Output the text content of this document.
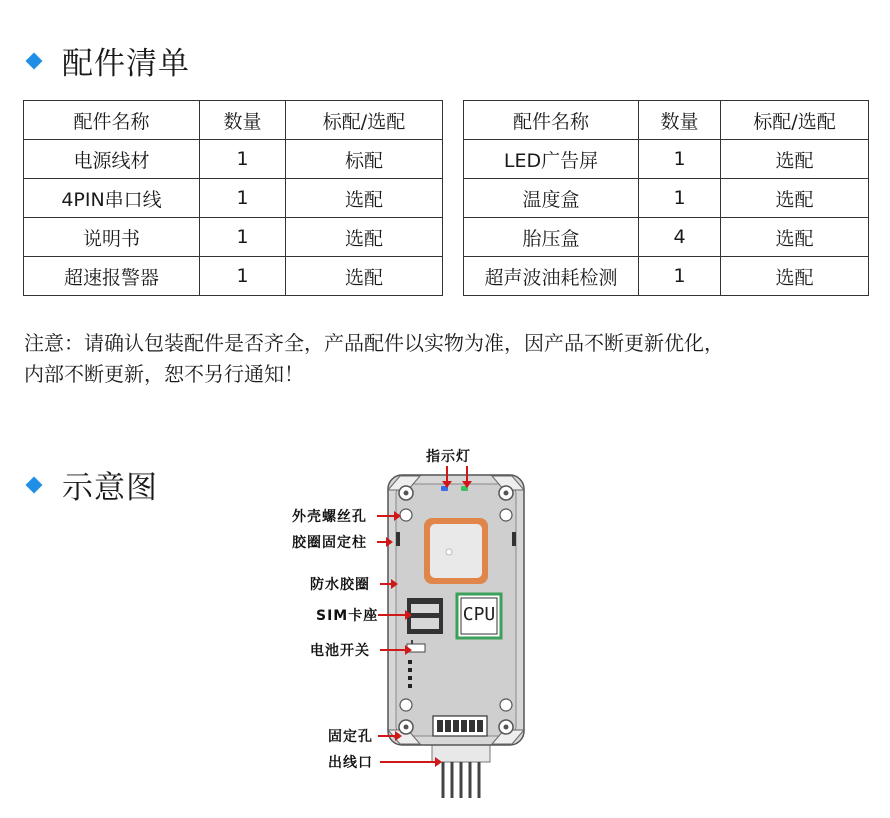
配件清单
配件名称	数量	标配/选配
电源线材	1	标配
4PIN串口线	1	选配
说明书	1	选配
超速报警器	1	选配
配件名称	数量	标配/选配
LED广告屏	1	选配
温度盒	1	选配
胎压盒	4	选配
超声波油耗检测	1	选配
注意：请确认包装配件是否齐全，产品配件以实物为准，因产品不断更新优化，
内部不断更新，恕不另行通知！
示意图
CPU
指示灯
外壳螺丝孔
胶圈固定柱
防水胶圈
SIM卡座
电池开关
固定孔
出线口
